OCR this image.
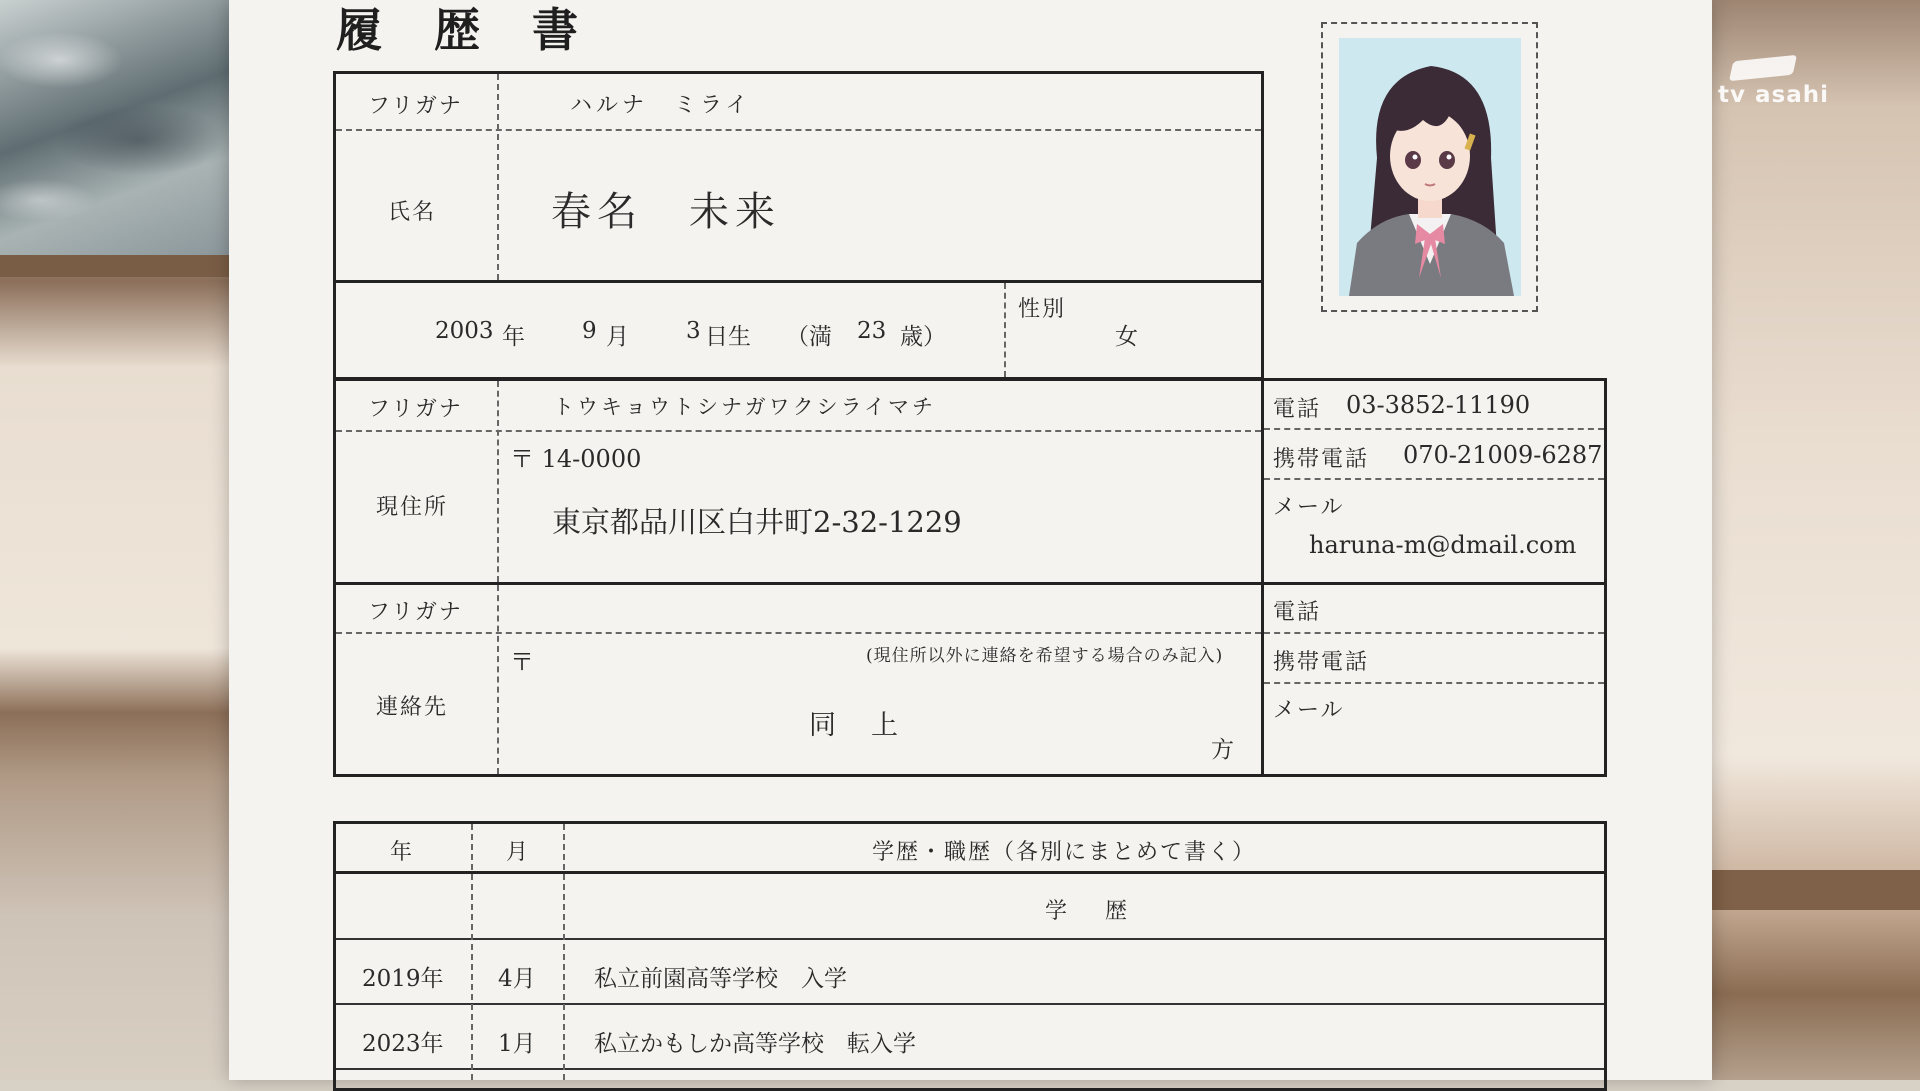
履 歴 書
フリガナ	ハルナ　ミライ
氏名	春名　未来
2003 年 9 月 3 日生 （満 23 歳）
性別
女
フリガナ	トウキョウトシナガワクシライマチ
〒 14-0000
現住所	東京都品川区白井町2-32-1229
電話 03-3852-11190
携帯電話 070-21009-6287
メール
haruna-m@dmail.com
フリガナ
〒	(現住所以外に連絡を希望する場合のみ記入)
連絡先
同　上
方
電話
携帯電話
メール
年	月	学歴・職歴（各別にまとめて書く）
学　歴
2019年 4月	私立前園高等学校　入学
2023年 1月	私立かもしか高等学校　転入学
tv asahi
